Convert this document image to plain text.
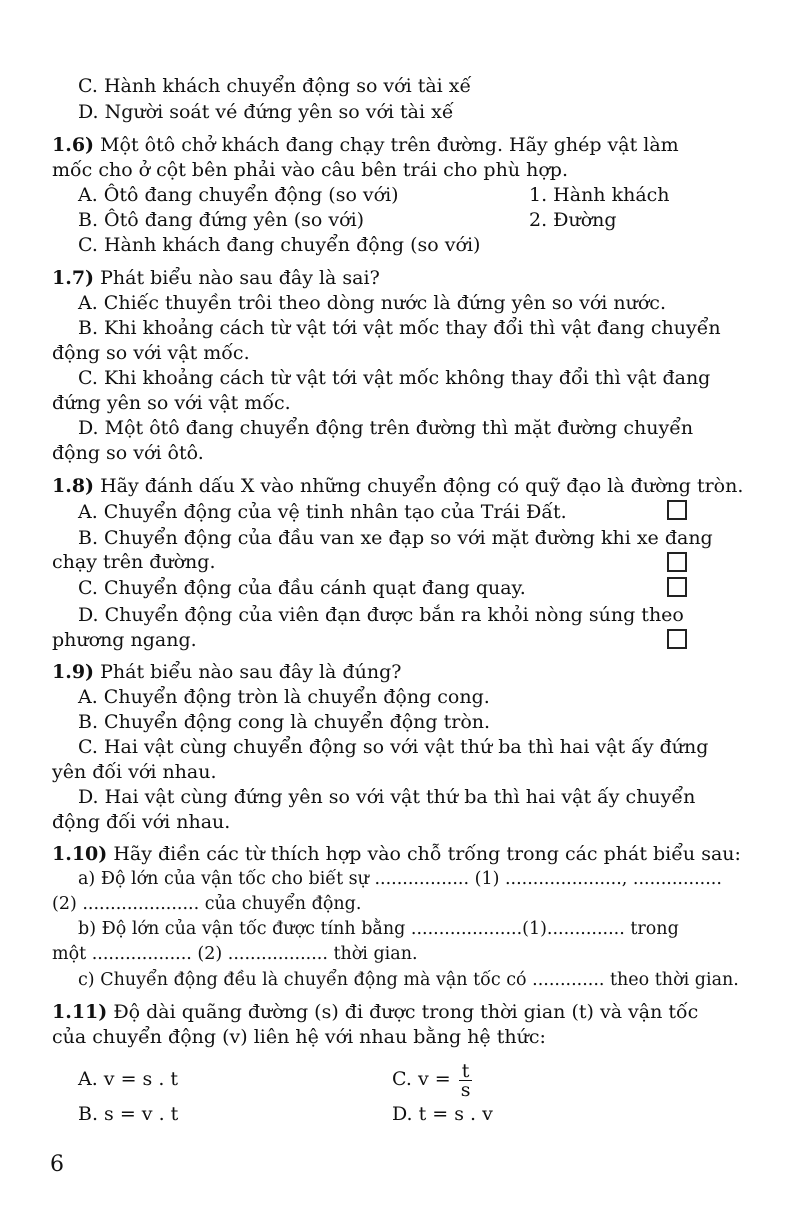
C. Hành khách chuyển động so với tài xế
D. Người soát vé đứng yên so với tài xế
1.6) Một ôtô chở khách đang chạy trên đường. Hãy ghép vật làm
mốc cho ở cột bên phải vào câu bên trái cho phù hợp.
A. Ôtô đang chuyển động (so với)	1. Hành khách
B. Ôtô đang đứng yên (so với)	2. Đường
C. Hành khách đang chuyển động (so với)
1.7) Phát biểu nào sau đây là sai?
A. Chiếc thuyền trôi theo dòng nước là đứng yên so với nước.
B. Khi khoảng cách từ vật tới vật mốc thay đổi thì vật đang chuyển
động so với vật mốc.
C. Khi khoảng cách từ vật tới vật mốc không thay đổi thì vật đang
đứng yên so với vật mốc.
D. Một ôtô đang chuyển động trên đường thì mặt đường chuyển
động so với ôtô.
1.8) Hãy đánh dấu X vào những chuyển động có quỹ đạo là đường tròn.
A. Chuyển động của vệ tinh nhân tạo của Trái Đất.
B. Chuyển động của đầu van xe đạp so với mặt đường khi xe đang
chạy trên đường.
C. Chuyển động của đầu cánh quạt đang quay.
D. Chuyển động của viên đạn được bắn ra khỏi nòng súng theo
phương ngang.
1.9) Phát biểu nào sau đây là đúng?
A. Chuyển động tròn là chuyển động cong.
B. Chuyển động cong là chuyển động tròn.
C. Hai vật cùng chuyển động so với vật thứ ba thì hai vật ấy đứng
yên đối với nhau.
D. Hai vật cùng đứng yên so với vật thứ ba thì hai vật ấy chuyển
động đối với nhau.
1.10) Hãy điền các từ thích hợp vào chỗ trống trong các phát biểu sau:
a) Độ lớn của vận tốc cho biết sự ................. (1) ....................., ................
(2) ..................... của chuyển động.
b) Độ lớn của vận tốc được tính bằng ....................(1).............. trong
một .................. (2) .................. thời gian.
c) Chuyển động đều là chuyển động mà vận tốc có ............. theo thời gian.
1.11) Độ dài quãng đường (s) đi được trong thời gian (t) và vận tốc
của chuyển động (v) liên hệ với nhau bằng hệ thức:
A. v = s . t	C. $v = \frac{t}{s}$
B. s = v . t	D. t = s . v
6
